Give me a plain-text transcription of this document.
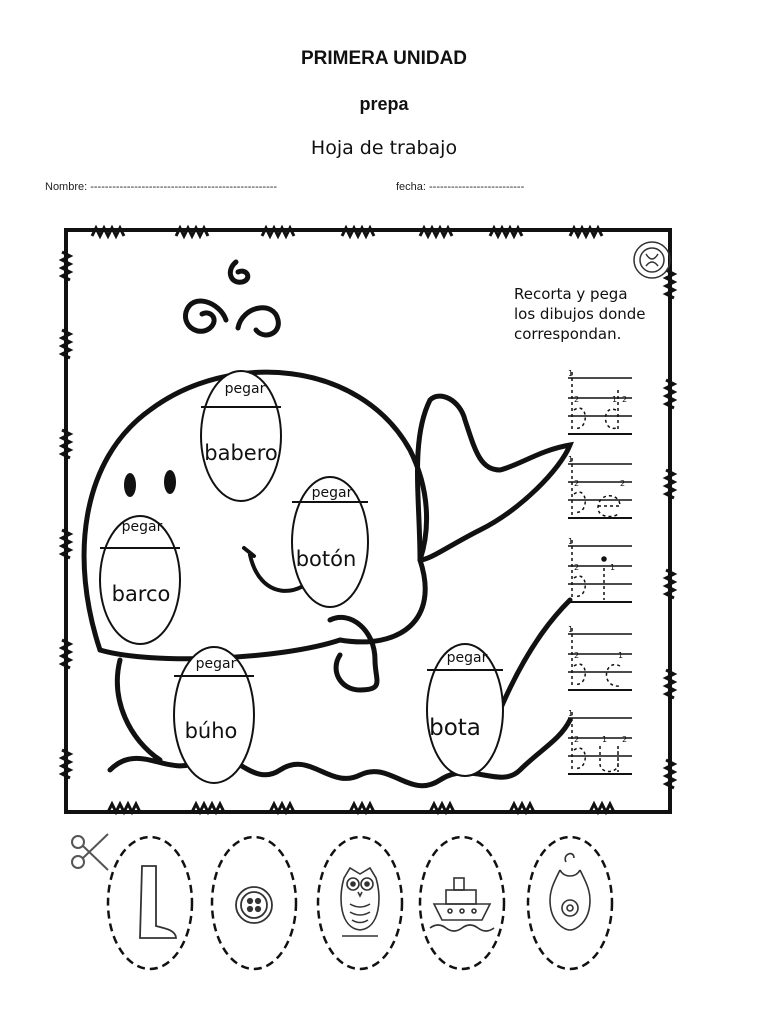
PRIMERA UNIDAD
prepa
Hoja de trabajo
Nombre: ---------------------------------------------------	fecha: --------------------------
pegar
babero
pegar
botón
pegar
barco
pegar
búho
pegar
bota
Recorta y pega
los dibujos donde
correspondan.
1
2	1 2
1
2	2
1
2	1
1
2	1
1
2	1 2
